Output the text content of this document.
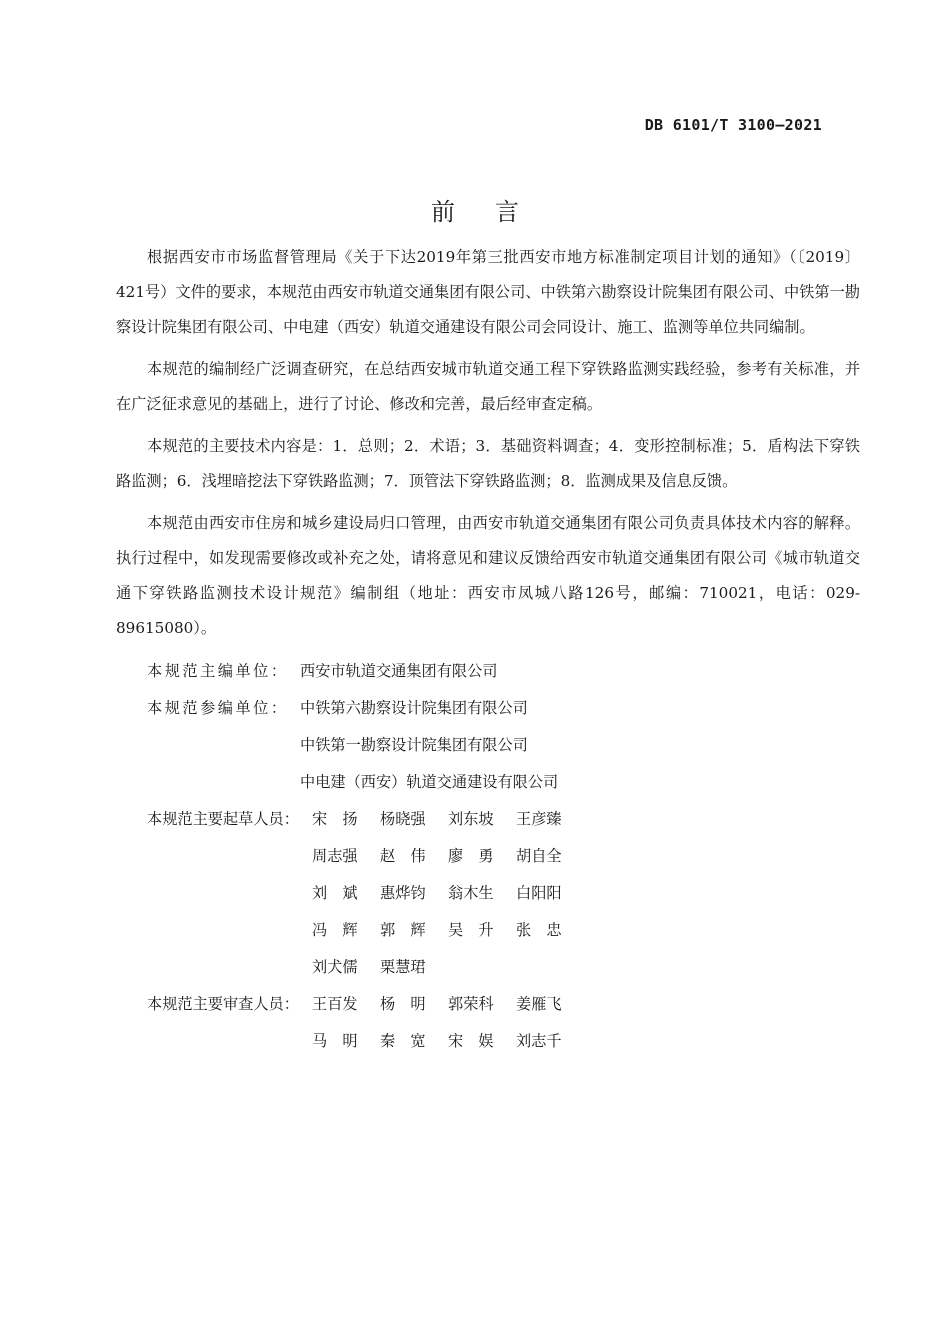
DB 6101/T 3100—2021
前言

根据西安市市场监督管理局《关于下达2019年第三批西安市地方标准制定项目计划的通知》（〔2019〕421号）文件的要求，本规范由西安市轨道交通集团有限公司、中铁第六勘察设计院集团有限公司、中铁第一勘察设计院集团有限公司、中电建（西安）轨道交通建设有限公司会同设计、施工、监测等单位共同编制。

本规范的编制经广泛调查研究，在总结西安城市轨道交通工程下穿铁路监测实践经验，参考有关标准，并在广泛征求意见的基础上，进行了讨论、修改和完善，最后经审查定稿。

本规范的主要技术内容是：1．总则；2．术语；3．基础资料调查；4．变形控制标准；5．盾构法下穿铁路监测；6．浅埋暗挖法下穿铁路监测；7．顶管法下穿铁路监测；8．监测成果及信息反馈。

本规范由西安市住房和城乡建设局归口管理，由西安市轨道交通集团有限公司负责具体技术内容的解释。执行过程中，如发现需要修改或补充之处，请将意见和建议反馈给西安市轨道交通集团有限公司《城市轨道交通下穿铁路监测技术设计规范》编制组（地址：西安市凤城八路126号，邮编：710021，电话：029-89615080）。

本规范主编单位： 西安市轨道交通集团有限公司
本规范参编单位： 中铁第六勘察设计院集团有限公司
中铁第一勘察设计院集团有限公司
中电建（西安）轨道交通建设有限公司
本规范主要起草人员： 宋　扬 杨晓强 刘东坡 王彦臻
周志强 赵　伟 廖　勇 胡自全
刘　斌 惠烨钧 翁木生 白阳阳
冯　辉 郭　辉 吴　升 张　忠
刘犬儒 栗慧珺
本规范主要审查人员： 王百发 杨　明 郭荣科 姜雁飞
马　明 秦　宽 宋　娱 刘志千
